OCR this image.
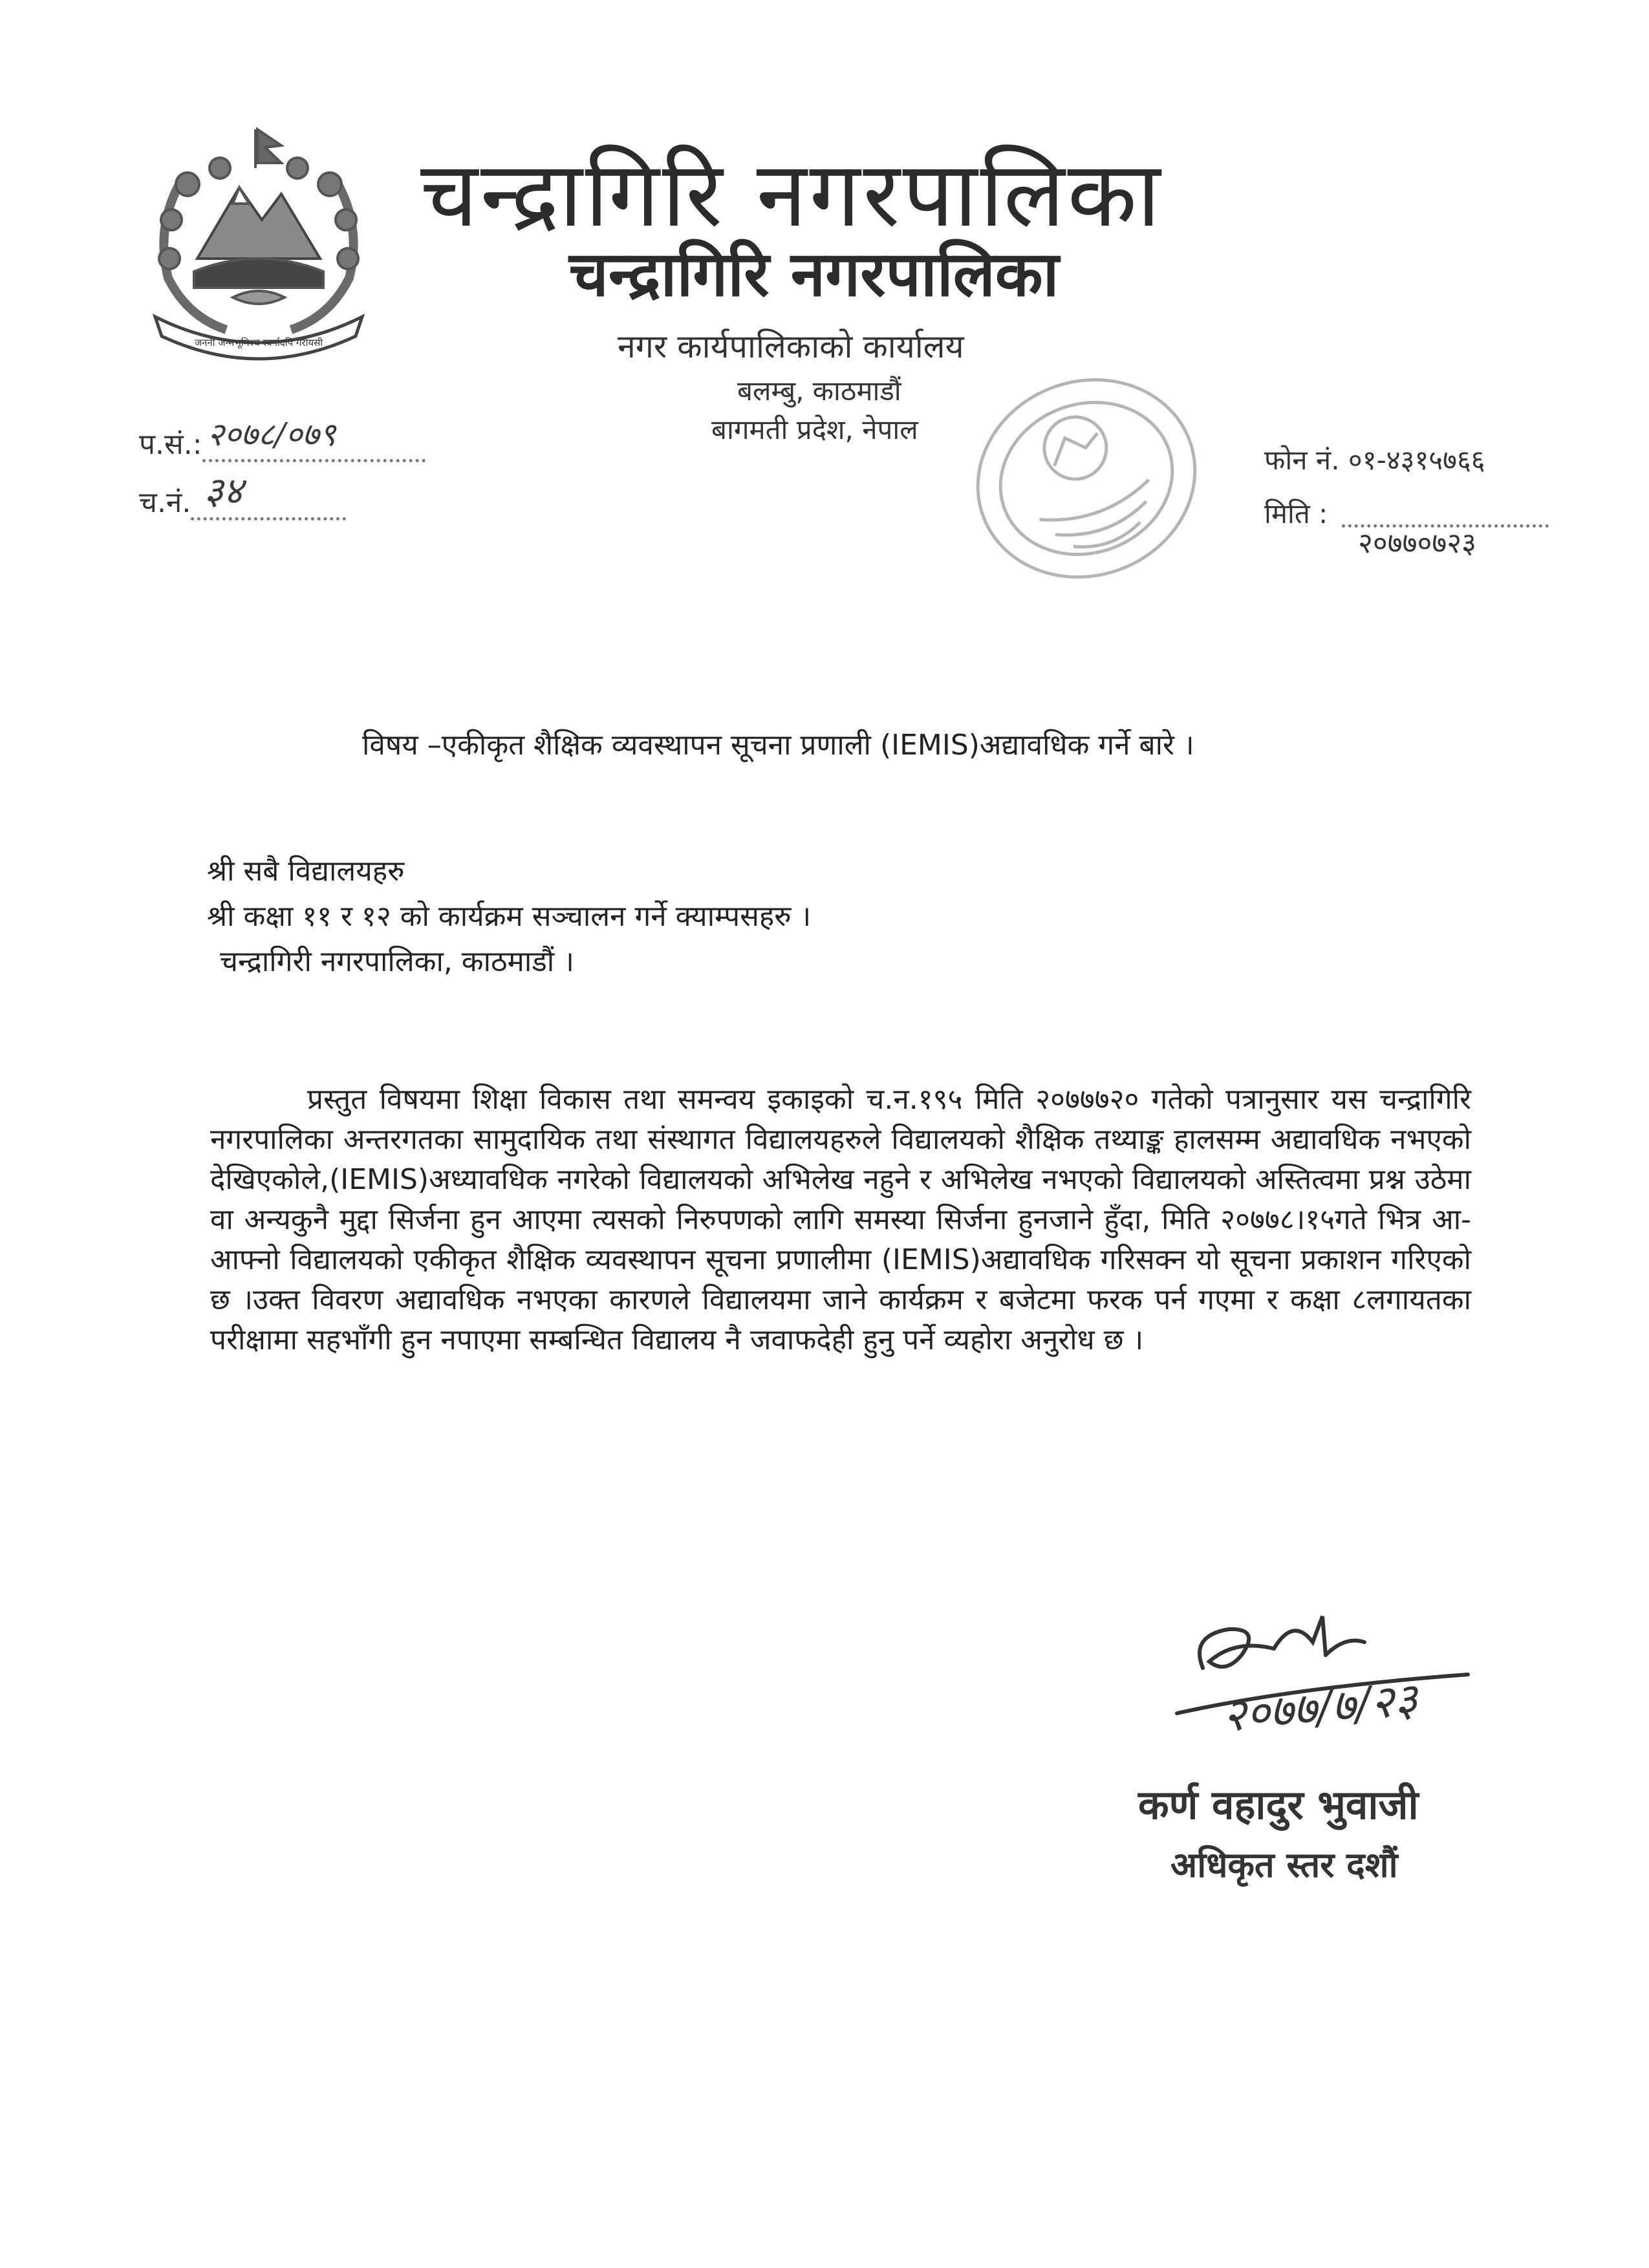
जननी जन्मभूमिश्च स्वर्गादपि गरीयसी
चन्द्रागिरि नगरपालिका
चन्द्रागिरि नगरपालिका
नगर कार्यपालिकाको कार्यालय
बलम्बु, काठमाडौं
बागमती प्रदेश, नेपाल
प.सं.: २०७८/०७९
च.नं. ३४
फोन नं. ०१-४३१५७६६
मिति :
२०७७०७२३
विषय –एकीकृत शैक्षिक व्यवस्थापन सूचना प्रणाली (IEMIS)अद्यावधिक गर्ने बारे ।
श्री सबै विद्यालयहरु
श्री कक्षा ११ र १२ को कार्यक्रम सञ्चालन गर्ने क्याम्पसहरु ।
चन्द्रागिरी नगरपालिका, काठमाडौं ।
प्रस्तुत विषयमा शिक्षा विकास तथा समन्वय इकाइको च.न.१९५ मिति २०७७७२० गतेको पत्रानुसार यस चन्द्रागिरि नगरपालिका अन्तरगतका सामुदायिक तथा संस्थागत विद्यालयहरुले विद्यालयको शैक्षिक तथ्याङ्क हालसम्म अद्यावधिक नभएको देखिएकोले,(IEMIS)अध्यावधिक नगरेको विद्यालयको अभिलेख नहुने र अभिलेख नभएको विद्यालयको अस्तित्वमा प्रश्न उठेमा वा अन्यकुनै मुद्दा सिर्जना हुन आएमा त्यसको निरुपणको लागि समस्या सिर्जना हुनजाने हुँदा, मिति २०७७८।१५गते भित्र आ-आफ्नो विद्यालयको एकीकृत शैक्षिक व्यवस्थापन सूचना प्रणालीमा (IEMIS)अद्यावधिक गरिसक्न यो सूचना प्रकाशन गरिएको छ ।उक्त विवरण अद्यावधिक नभएका कारणले विद्यालयमा जाने कार्यक्रम र बजेटमा फरक पर्न गएमा र कक्षा ८लगायतका परीक्षामा सहभाँगी हुन नपाएमा सम्बन्धित विद्यालय नै जवाफदेही हुनु पर्ने व्यहोरा अनुरोध छ ।
२०७७/७/२३
कर्ण वहादुर भुवाजी
अधिकृत स्तर दशौं
